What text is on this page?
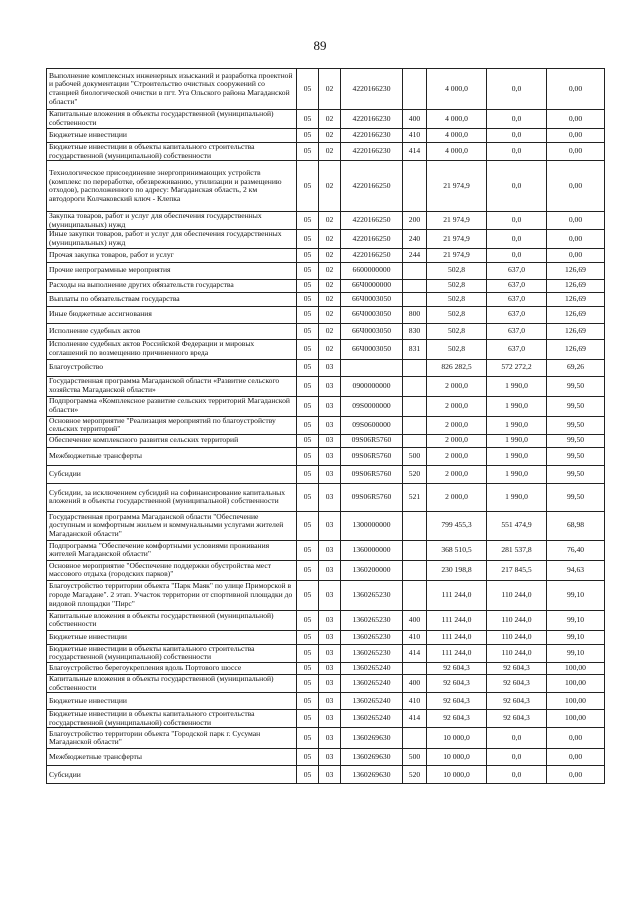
89
Выполнение комплексных инженерных изысканий и разработка проектной и рабочей документации "Строительство очистных сооружений со станцией биологической очистки в пгт. Уга Ольского района Магаданской области"	05	02	4220166230		4 000,0	0,0	0,00
Капитальные вложения в объекты государственной (муниципальной) собственности	05	02	4220166230	400	4 000,0	0,0	0,00
Бюджетные инвестиции	05	02	4220166230	410	4 000,0	0,0	0,00
Бюджетные инвестиции в объекты капитального строительства государственной (муниципальной) собственности	05	02	4220166230	414	4 000,0	0,0	0,00
Технологическое присоединение энергопринимающих устройств (комплекс по переработке, обезвреживанию, утилизации и размещению отходов), расположенного по адресу: Магаданская область, 2 км автодороги Колчаковский ключ - Клепка	05	02	4220166250		21 974,9	0,0	0,00
Закупка товаров, работ и услуг для обеспечения государственных (муниципальных) нужд	05	02	4220166250	200	21 974,9	0,0	0,00
Иные закупки товаров, работ и услуг для обеспечения государственных (муниципальных) нужд	05	02	4220166250	240	21 974,9	0,0	0,00
Прочая закупка товаров, работ и услуг	05	02	4220166250	244	21 974,9	0,0	0,00
Прочие непрограммные мероприятия	05	02	6600000000		502,8	637,0	126,69
Расходы на выполнение других обязательств государства	05	02	66Ч0000000		502,8	637,0	126,69
Выплаты по обязательствам государства	05	02	66Ч0003050		502,8	637,0	126,69
Иные бюджетные ассигнования	05	02	66Ч0003050	800	502,8	637,0	126,69
Исполнение судебных актов	05	02	66Ч0003050	830	502,8	637,0	126,69
Исполнение судебных актов Российской Федерации и мировых соглашений по возмещению причиненного вреда	05	02	66Ч0003050	831	502,8	637,0	126,69
Благоустройство	05	03			826 282,5	572 272,2	69,26
Государственная программа Магаданской области «Развитие сельского хозяйства Магаданской области»	05	03	0900000000		2 000,0	1 990,0	99,50
Подпрограмма «Комплексное развитие сельских территорий Магаданской области»	05	03	09S0000000		2 000,0	1 990,0	99,50
Основное мероприятие "Реализация мероприятий по благоустройству сельских территорий"	05	03	09S0600000		2 000,0	1 990,0	99,50
Обеспечение комплексного развития сельских территорий	05	03	09S06R5760		2 000,0	1 990,0	99,50
Межбюджетные трансферты	05	03	09S06R5760	500	2 000,0	1 990,0	99,50
Субсидии	05	03	09S06R5760	520	2 000,0	1 990,0	99,50
Субсидии, за исключением субсидий на софинансирование капитальных вложений в объекты государственной (муниципальной) собственности	05	03	09S06R5760	521	2 000,0	1 990,0	99,50
Государственная программа Магаданской области "Обеспечение доступным и комфортным жильем и коммунальными услугами жителей Магаданской области"	05	03	1300000000		799 455,3	551 474,9	68,98
Подпрограмма "Обеспечение комфортными условиями проживания жителей Магаданской области"	05	03	1360000000		368 510,5	281 537,8	76,40
Основное мероприятие "Обеспечение поддержки обустройства мест массового отдыха (городских парков)"	05	03	1360200000		230 198,8	217 845,5	94,63
Благоустройство территории объекта "Парк Маяк" по улице Приморской в городе Магадане". 2 этап. Участок территории от спортивной площадки до видовой площадки "Пирс"	05	03	1360265230		111 244,0	110 244,0	99,10
Капитальные вложения в объекты государственной (муниципальной) собственности	05	03	1360265230	400	111 244,0	110 244,0	99,10
Бюджетные инвестиции	05	03	1360265230	410	111 244,0	110 244,0	99,10
Бюджетные инвестиции в объекты капитального строительства государственной (муниципальной) собственности	05	03	1360265230	414	111 244,0	110 244,0	99,10
Благоустройство берегоукрепления вдоль Портового шоссе	05	03	1360265240		92 604,3	92 604,3	100,00
Капитальные вложения в объекты государственной (муниципальной) собственности	05	03	1360265240	400	92 604,3	92 604,3	100,00
Бюджетные инвестиции	05	03	1360265240	410	92 604,3	92 604,3	100,00
Бюджетные инвестиции в объекты капитального строительства государственной (муниципальной) собственности	05	03	1360265240	414	92 604,3	92 604,3	100,00
Благоустройство территории объекта "Городской парк г. Сусуман Магаданской области"	05	03	1360269630		10 000,0	0,0	0,00
Межбюджетные трансферты	05	03	1360269630	500	10 000,0	0,0	0,00
Субсидии	05	03	1360269630	520	10 000,0	0,0	0,00
